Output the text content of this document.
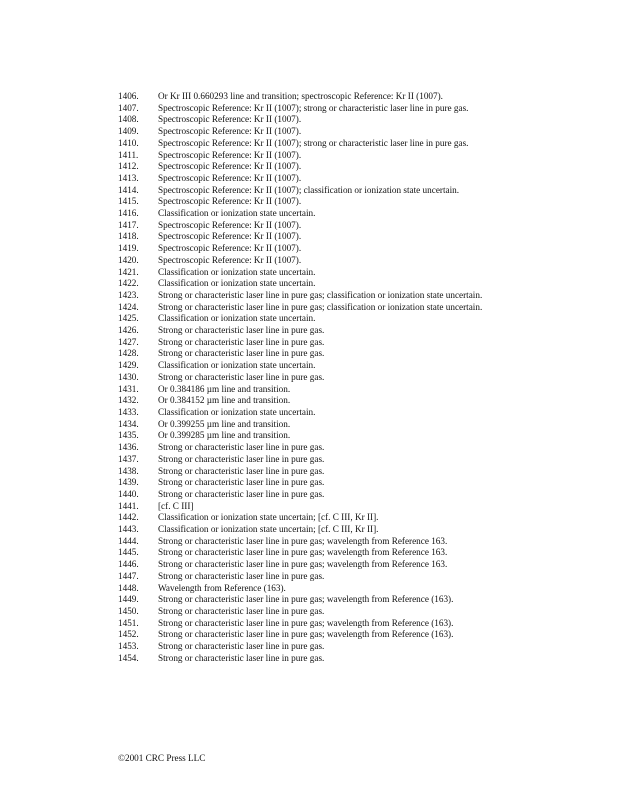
1406.	Or Kr III 0.660293 line and transition; spectroscopic Reference: Kr II (1007).
1407.	Spectroscopic Reference: Kr II (1007); strong or characteristic laser line in pure gas.
1408.	Spectroscopic Reference: Kr II (1007).
1409.	Spectroscopic Reference: Kr II (1007).
1410.	Spectroscopic Reference: Kr II (1007); strong or characteristic laser line in pure gas.
1411.	Spectroscopic Reference: Kr II (1007).
1412.	Spectroscopic Reference: Kr II (1007).
1413.	Spectroscopic Reference: Kr II (1007).
1414.	Spectroscopic Reference: Kr II (1007); classification or ionization state uncertain.
1415.	Spectroscopic Reference: Kr II (1007).
1416.	Classification or ionization state uncertain.
1417.	Spectroscopic Reference: Kr II (1007).
1418.	Spectroscopic Reference: Kr II (1007).
1419.	Spectroscopic Reference: Kr II (1007).
1420.	Spectroscopic Reference: Kr II (1007).
1421.	Classification or ionization state uncertain.
1422.	Classification or ionization state uncertain.
1423.	Strong or characteristic laser line in pure gas; classification or ionization state uncertain.
1424.	Strong or characteristic laser line in pure gas; classification or ionization state uncertain.
1425.	Classification or ionization state uncertain.
1426.	Strong or characteristic laser line in pure gas.
1427.	Strong or characteristic laser line in pure gas.
1428.	Strong or characteristic laser line in pure gas.
1429.	Classification or ionization state uncertain.
1430.	Strong or characteristic laser line in pure gas.
1431.	Or 0.384186 µm line and transition.
1432.	Or 0.384152 µm line and transition.
1433.	Classification or ionization state uncertain.
1434.	Or 0.399255 µm line and transition.
1435.	Or 0.399285 µm line and transition.
1436.	Strong or characteristic laser line in pure gas.
1437.	Strong or characteristic laser line in pure gas.
1438.	Strong or characteristic laser line in pure gas.
1439.	Strong or characteristic laser line in pure gas.
1440.	Strong or characteristic laser line in pure gas.
1441.	[cf. C III]
1442.	Classification or ionization state uncertain; [cf. C III, Kr II].
1443.	Classification or ionization state uncertain; [cf. C III, Kr II].
1444.	Strong or characteristic laser line in pure gas; wavelength from Reference 163.
1445.	Strong or characteristic laser line in pure gas; wavelength from Reference 163.
1446.	Strong or characteristic laser line in pure gas; wavelength from Reference 163.
1447.	Strong or characteristic laser line in pure gas.
1448.	Wavelength from Reference (163).
1449.	Strong or characteristic laser line in pure gas; wavelength from Reference (163).
1450.	Strong or characteristic laser line in pure gas.
1451.	Strong or characteristic laser line in pure gas; wavelength from Reference (163).
1452.	Strong or characteristic laser line in pure gas; wavelength from Reference (163).
1453.	Strong or characteristic laser line in pure gas.
1454.	Strong or characteristic laser line in pure gas.
©2001 CRC Press LLC
